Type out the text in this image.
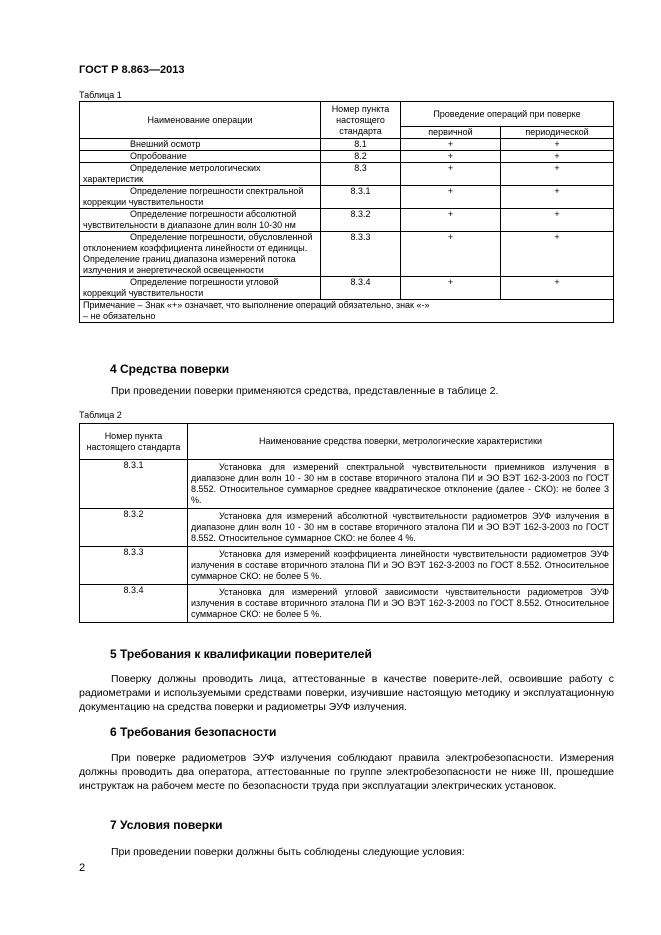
ГОСТ Р 8.863—2013
Таблица 1
Наименование операции	Номер пункта настоящего стандарта	Проведение операций при поверке	
		первичной	периодической
Внешний осмотр	8.1	+	+
Опробование	8.2	+	+
Определение метрологических характеристик	8.3	+	+
Определение погрешности спектральной коррекции чувствительности	8.3.1	+	+
Определение погрешности абсолютной чувствительности в диапазоне длин волн 10-30 нм	8.3.2	+	+
Определение погрешности, обусловленной отклонением коэффициента линейности от единицы. Определение границ диапазона измерений потока излучения и энергетической освещенности	8.3.3	+	+
Определение погрешности угловой коррекций чувствительности	8.3.4	+	+
Примечание – Знак «+» означает, что выполнение операций обязательно, знак «-» – не обязательно			
4 Средства поверки
При проведении поверки применяются средства, представленные в таблице 2.
Таблица 2
Номер пункта настоящего стандарта	Наименование средства поверки, метрологические характеристики
8.3.1	Установка для измерений спектральной чувствительности приемников излучения в диапазоне длин волн 10 - 30 нм в составе вторичного эталона ПИ и ЭО ВЭТ 162-3-2003 по ГОСТ 8.552. Относительное суммарное среднее квадратическое отклонение (далее - СКО): не более 3 %.
8.3.2	Установка для измерений абсолютной чувствительности радиометров ЭУФ излучения в диапазоне длин волн 10 - 30 нм в составе вторичного эталона ПИ и ЭО ВЭТ 162-3-2003 по ГОСТ 8.552. Относительное суммарное СКО: не более 4 %.
8.3.3	Установка для измерений коэффициента линейности чувствительности радиометров ЭУФ излучения в составе вторичного эталона ПИ и ЭО ВЭТ 162-3-2003 по ГОСТ 8.552. Относительное суммарное СКО: не более 5 %.
8.3.4	Установка для измерений угловой зависимости чувствительности радиометров ЭУФ излучения в составе вторичного эталона ПИ и ЭО ВЭТ 162-3-2003 по ГОСТ 8.552. Относительное суммарное СКО: не более 5 %.
5 Требования к квалификации поверителей
Поверку должны проводить лица, аттестованные в качестве поверите-лей, освоившие работу с радиометрами и используемыми средствами поверки, изучившие настоящую методику и эксплуатационную документацию на средства поверки и радиометры ЭУФ излучения.
6 Требования безопасности
При поверке радиометров ЭУФ излучения соблюдают правила электробезопасности. Измерения должны проводить два оператора, аттестованные по группе электробезопасности не ниже III, прошедшие инструктаж на рабочем месте по безопасности труда при эксплуатации электрических установок.
7 Условия поверки
При проведении поверки должны быть соблюдены следующие условия:
2
